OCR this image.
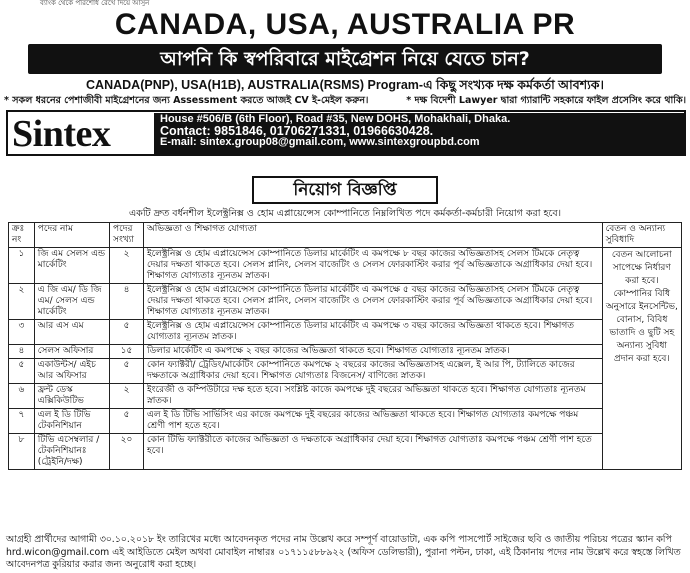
ব্যাংক থেকে পরিশোধ রেখে দিয়ে আসুন
CANADA, USA, AUSTRALIA PR
আপনি কি স্বপরিবারে মাইগ্রেশন নিয়ে যেতে চান?
CANADA(PNP), USA(H1B), AUSTRALIA(RSMS) Program-এ কিছু সংখ্যক দক্ষ কর্মকর্তা আবশ্যক।
* সকল ধরনের পেশাজীবী মাইগ্রেশনের জন্য Assessment করতে আজই CV ই-মেইল করুন।	* দক্ষ বিদেশী Lawyer দ্বারা গ্যারান্টি সহকারে ফাইল প্রসেসিং করে থাকি।
Sintex	House #506/B (6th Floor), Road #35, New DOHS, Mohakhali, Dhaka.
Contact: 9851846, 01706271331, 01966630428.
E-mail: sintex.group08@gmail.com, www.sintexgroupbd.com
নিয়োগ বিজ্ঞপ্তি
একটি দ্রুত বর্ধনশীল ইলেক্ট্রনিক্স ও হোম এপ্লায়েন্সেস কোম্পানিতে নিম্নলিখিত পদে কর্মকর্তা-কর্মচারী নিয়োগ করা হবে।
ক্রঃ নং	পদের নাম	পদের সংখ্যা	অভিজ্ঞতা ও শিক্ষাগত যোগ্যতা	বেতন ও অন্যান্য সুবিধাদি
১	জি এম সেলস এন্ড মার্কেটিং	২	ইলেক্ট্রনিক্স ও হোম এপ্লায়েন্সেস কোম্পানিতে ডিলার মার্কেটিং এ কমপক্ষে ৮ বছর কাজের অভিজ্ঞতাসহ সেলস টিমকে নেতৃত্ব দেয়ার দক্ষতা থাকতে হবে। সেলস প্লানিং, সেলস বাজেটিং ও সেলস ফোরকাস্টিং করার পূর্ব অভিজ্ঞতাকে অগ্রাধিকার দেয়া হবে। শিক্ষাগত যোগ্যতাঃ ন্যূনতম স্নাতক।	বেতন আলোচনা সাপেক্ষে নির্ধারণ করা হবে। কোম্পানির বিধি অনুসারে ইনসেন্টিভ, বোনাস, বিবিধ ভাতাদি ও ছুটি সহ অন্যান্য সুবিধা প্রদান করা হবে।
২	এ জি এম/ ডি জি এম/ সেলস এন্ড মার্কেটিং	৪	ইলেক্ট্রনিক্স ও হোম এপ্লায়েন্সেস কোম্পানিতে ডিলার মার্কেটিং এ কমপক্ষে ৫ বছর কাজের অভিজ্ঞতাসহ সেলস টিমকে নেতৃত্ব দেয়ার দক্ষতা থাকতে হবে। সেলস প্লানিং, সেলস বাজেটিং ও সেলস ফোরকাস্টিং করার পূর্ব অভিজ্ঞতাকে অগ্রাধিকার দেয়া হবে। শিক্ষাগত যোগ্যতাঃ ন্যূনতম স্নাতক।	
৩	আর এস এম	৫	ইলেক্ট্রনিক্স ও হোম এপ্লায়েন্সেস কোম্পানিতে ডিলার মার্কেটিং এ কমপক্ষে ৩ বছর কাজের অভিজ্ঞতা থাকতে হবে। শিক্ষাগত যোগ্যতাঃ ন্যূনতম স্নাতক।	
৪	সেলস অফিসার	১৫	ডিলার মার্কেটিং এ কমপক্ষে ২ বছর কাজের অভিজ্ঞতা থাকতে হবে। শিক্ষাগত যোগ্যতাঃ ন্যূনতম স্নাতক।	
৫	একাউন্টস/ এইচ আর অফিসার	৫	কোন ফ্যাক্টরী/ ট্রেডিং/মার্কেটিং কোম্পানিতে কমপক্ষে ২ বছরের কাজের অভিজ্ঞতাসহ এক্সেল, ই আর পি, ট্যালিতে কাজের দক্ষতাকে অগ্রাধিকার দেয়া হবে। শিক্ষাগত যোগ্যতাঃ বিজনেস/ বাণিজ্যে স্নাতক।	
৬	ফ্রন্ট ডেস্ক এক্সিকিউটিভ	২	ইংরেজী ও কম্পিউটারে দক্ষ হতে হবে। সংশ্লিষ্ট কাজে কমপক্ষে দুই বছরের অভিজ্ঞতা থাকতে হবে। শিক্ষাগত যোগ্যতাঃ ন্যূনতম স্নাতক।	
৭	এল ই ডি টিভি টেকনিশিয়ান	৫	এল ই ডি টিভি সার্ভিসিং এর কাজে কমপক্ষে দুই বছরের কাজের অভিজ্ঞতা থাকতে হবে। শিক্ষাগত যোগ্যতাঃ কমপক্ষে পঞ্চম শ্রেণী পাশ হতে হবে।	
৮	টিভি এসেম্বলার /টেকনিশিয়ানঃ (ট্রেইনি/দক্ষ)	২০	কোন টিভি ফ্যাক্টরীতে কাজের অভিজ্ঞতা ও দক্ষতাকে অগ্রাধিকার দেয়া হবে। শিক্ষাগত যোগ্যতাঃ কমপক্ষে পঞ্চম শ্রেণী পাশ হতে হবে।	
আগ্রহী প্রার্থীদের আগামী ৩০.১০.২০১৮ ইং তারিখের মধ্যে আবেদনকৃত পদের নাম উল্লেখ করে সম্পূর্ণ বায়োডাটা, এক কপি পাসপোর্ট সাইজের ছবি ও জাতীয় পরিচয় পত্রের স্ক্যান কপি hrd.wicon@gmail.com এই আইডিতে মেইল অথবা মোবাইল নাম্বারঃ ০১৭১১৫৮৮৯২২ (অফিস ডেলিভারী), পুরানা পল্টন, ঢাকা, এই ঠিকানায় পদের নাম উল্লেখ করে স্বহস্তে লিখিত আবেদনপত্র কুরিয়ার করার জন্য অনুরোধ করা হচ্ছে।
